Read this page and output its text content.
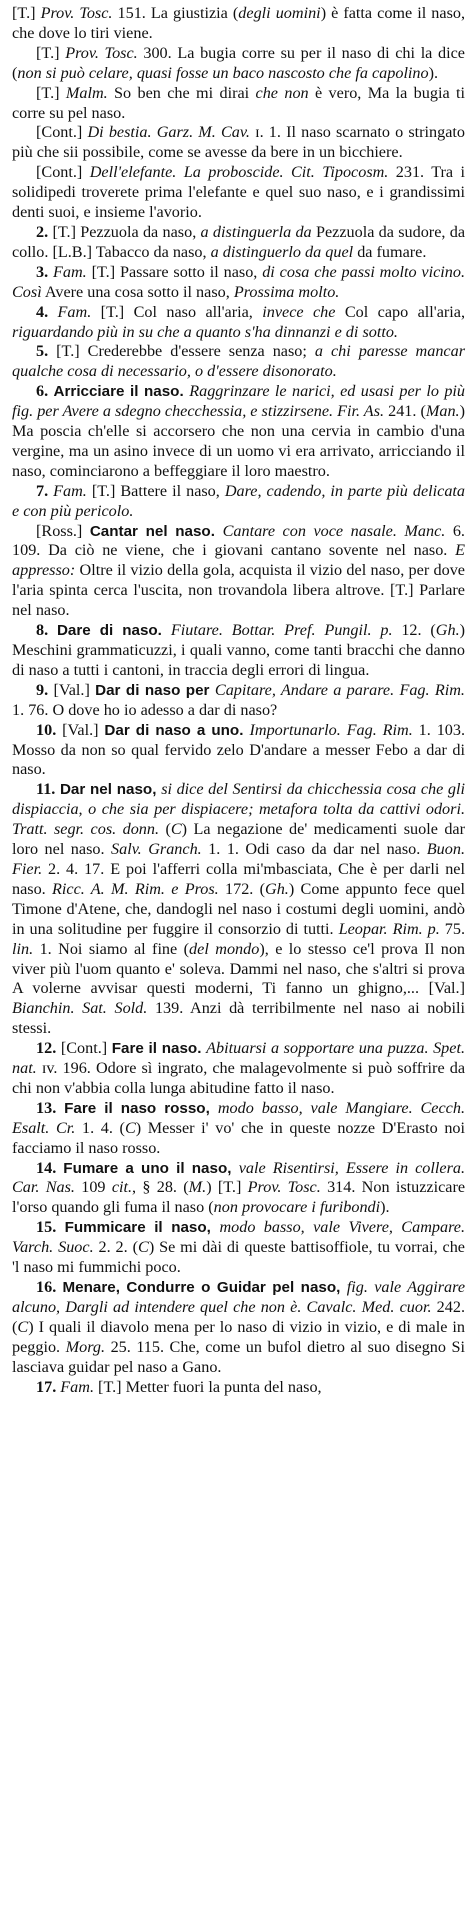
[T.] Prov. Tosc. 151. La giustizia (degli uomini) è fatta come il naso, che dove lo tiri viene.

[T.] Prov. Tosc. 300. La bugia corre su per il naso di chi la dice (non si può celare, quasi fosse un baco nascosto che fa capolino).

[T.] Malm. So ben che mi dirai che non è vero, Ma la bugia ti corre su pel naso.

[Cont.] Di bestia. Garz. M. Cav. ɪ. 1. Il naso scarnato o stringato più che sii possibile, come se avesse da bere in un bicchiere.

[Cont.] Dell'elefante. La proboscide. Cit. Tipocosm. 231. Tra i solidipedi troverete prima l'elefante e quel suo naso, e i grandissimi denti suoi, e insieme l'avorio.

2. [T.] Pezzuola da naso, a distinguerla da Pezzuola da sudore, da collo. [L.B.] Tabacco da naso, a distinguerlo da quel da fumare.

3. Fam. [T.] Passare sotto il naso, di cosa che passi molto vicino. Così Avere una cosa sotto il naso, Prossima molto.

4. Fam. [T.] Col naso all'aria, invece che Col capo all'aria, riguardando più in su che a quanto s'ha dinnanzi e di sotto.

5. [T.] Crederebbe d'essere senza naso; a chi paresse mancar qualche cosa di necessario, o d'essere disonorato.

6. Arricciare il naso. Raggrinzare le narici, ed usasi per lo più fig. per Avere a sdegno checchessia, e stizzirsene. Fir. As. 241. (Man.) Ma poscia ch'elle si accorsero che non una cervia in cambio d'una vergine, ma un asino invece di un uomo vi era arrivato, arricciando il naso, cominciarono a beffeggiare il loro maestro.

7. Fam. [T.] Battere il naso, Dare, cadendo, in parte più delicata e con più pericolo.

[Ross.] Cantar nel naso. Cantare con voce nasale. Manc. 6. 109. Da ciò ne viene, che i giovani cantano sovente nel naso. E appresso: Oltre il vizio della gola, acquista il vizio del naso, per dove l'aria spinta cerca l'uscita, non trovandola libera altrove. [T.] Parlare nel naso.

8. Dare di naso. Fiutare. Bottar. Pref. Pungil. p. 12. (Gh.) Meschini grammaticuzzi, i quali vanno, come tanti bracchi che danno di naso a tutti i cantoni, in traccia degli errori di lingua.

9. [Val.] Dar di naso per Capitare, Andare a parare. Fag. Rim. 1. 76. O dove ho io adesso a dar di naso?

10. [Val.] Dar di naso a uno. Importunarlo. Fag. Rim. 1. 103. Mosso da non so qual fervido zelo D'andare a messer Febo a dar di naso.

11. Dar nel naso, si dice del Sentirsi da chicchessia cosa che gli dispiaccia, o che sia per dispiacere; metafora tolta da cattivi odori. Tratt. segr. cos. donn. (C) La negazione de' medicamenti suole dar loro nel naso. Salv. Granch. 1. 1. Odi caso da dar nel naso. Buon. Fier. 2. 4. 17. E poi l'afferri colla mi'mbasciata, Che è per darli nel naso. Ricc. A. M. Rim. e Pros. 172. (Gh.) Come appunto fece quel Timone d'Atene, che, dandogli nel naso i costumi degli uomini, andò in una solitudine per fuggire il consorzio di tutti. Leopar. Rim. p. 75. lin. 1. Noi siamo al fine (del mondo), e lo stesso ce'l prova Il non viver più l'uom quanto e' soleva. Dammi nel naso, che s'altri si prova A volerne avvisar questi moderni, Ti fanno un ghigno,... [Val.] Bianchin. Sat. Sold. 139. Anzi dà terribilmente nel naso ai nobili stessi.

12. [Cont.] Fare il naso. Abituarsi a sopportare una puzza. Spet. nat. ɪv. 196. Odore sì ingrato, che malagevolmente si può soffrire da chi non v'abbia colla lunga abitudine fatto il naso.

13. Fare il naso rosso, modo basso, vale Mangiare. Cecch. Esalt. Cr. 1. 4. (C) Messer i' vo' che in queste nozze D'Erasto noi facciamo il naso rosso.

14. Fumare a uno il naso, vale Risentirsi, Essere in collera. Car. Nas. 109 cit., § 28. (M.) [T.] Prov. Tosc. 314. Non istuzzicare l'orso quando gli fuma il naso (non provocare i furibondi).

15. Fummicare il naso, modo basso, vale Vivere, Campare. Varch. Suoc. 2. 2. (C) Se mi dài di queste battisoffiole, tu vorrai, che 'l naso mi fummichi poco.

16. Menare, Condurre o Guidar pel naso, fig. vale Aggirare alcuno, Dargli ad intendere quel che non è. Cavalc. Med. cuor. 242. (C) I quali il diavolo mena per lo naso di vizio in vizio, e di male in peggio. Morg. 25. 115. Che, come un bufol dietro al suo disegno Si lasciava guidar pel naso a Gano.

17. Fam. [T.] Metter fuori la punta del naso,
